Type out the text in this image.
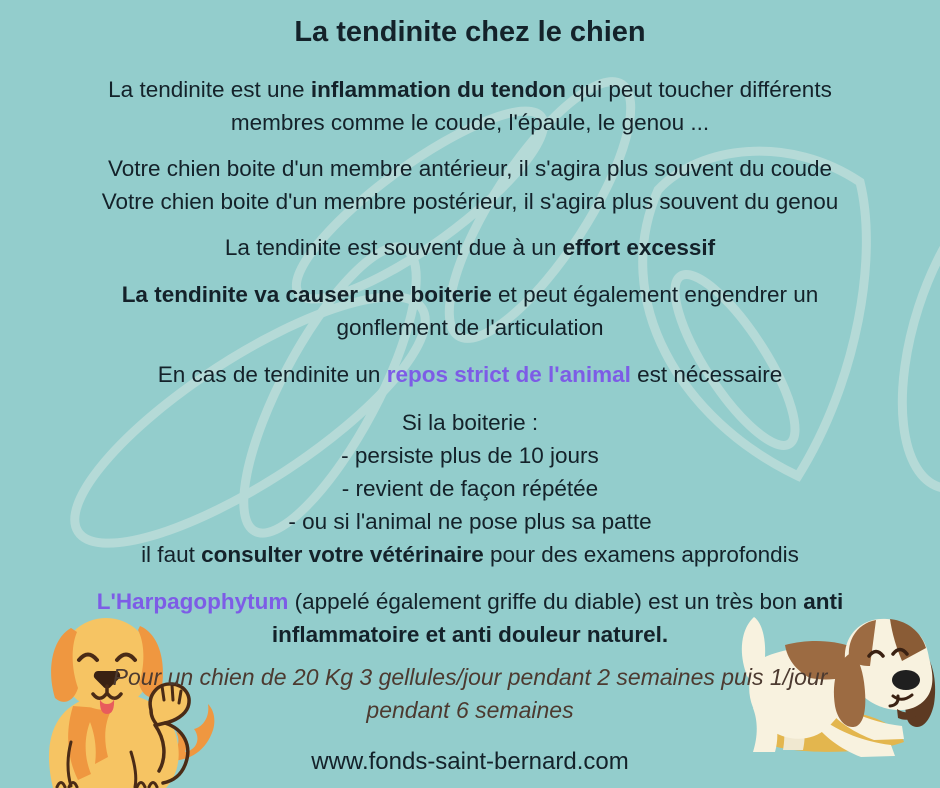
La tendinite chez le chien
La tendinite est une inflammation du tendon qui peut toucher différents membres comme le coude, l'épaule, le genou ...
Votre chien boite d'un membre antérieur, il s'agira plus souvent du coude
Votre chien boite d'un membre postérieur, il s'agira plus souvent du genou
La tendinite est souvent due à un effort excessif
La tendinite va causer une boiterie et peut également engendrer un gonflement de l'articulation
En cas de tendinite un repos strict de l'animal est nécessaire
Si la boiterie :
- persiste plus de 10 jours
- revient de façon répétée
- ou si l'animal ne pose plus sa patte
il faut consulter votre vétérinaire pour des examens approfondis
L'Harpagophytum (appelé également griffe du diable) est un très bon anti inflammatoire et anti douleur naturel.
Pour un chien de 20 Kg 3 gellules/jour pendant 2 semaines puis 1/jour pendant 6 semaines
www.fonds-saint-bernard.com
